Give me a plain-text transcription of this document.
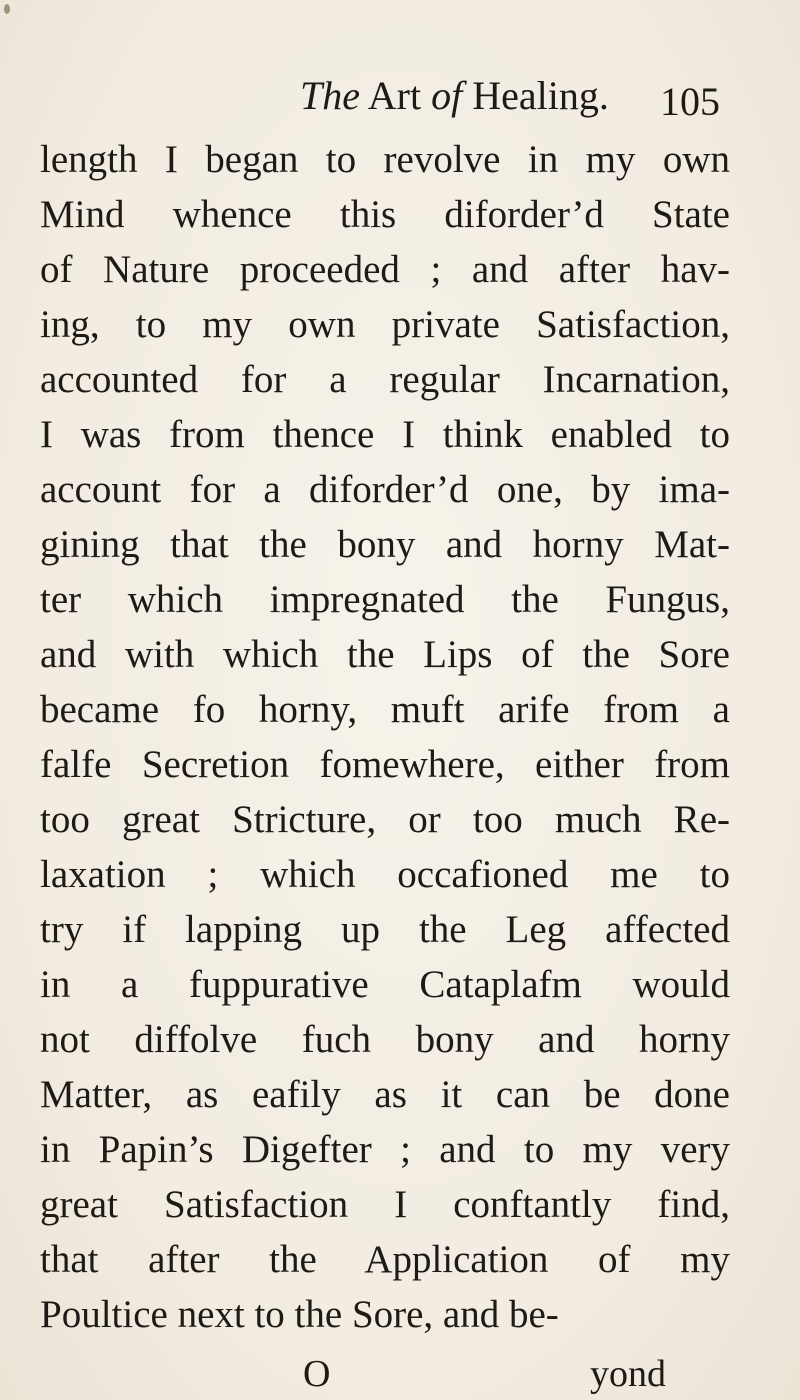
The Art of Healing. 105
length I began to revolve in my own
Mind whence this diforder’d State
of Nature proceeded ; and after hav-
ing, to my own private Satisfaction,
accounted for a regular Incarnation,
I was from thence I think enabled to
account for a diforder’d one, by ima-
gining that the bony and horny Mat-
ter which impregnated the Fungus,
and with which the Lips of the Sore
became fo horny, muft arife from a
falfe Secretion fomewhere, either from
too great Stricture, or too much Re-
laxation ; which occafioned me to
try if lapping up the Leg affected
in a fuppurative Cataplafm would
not diffolve fuch bony and horny
Matter, as eafily as it can be done
in Papin’s Digefter ; and to my very
great Satisfaction I conftantly find,
that after the Application of my
Poultice next to the Sore, and be-
O	yond
